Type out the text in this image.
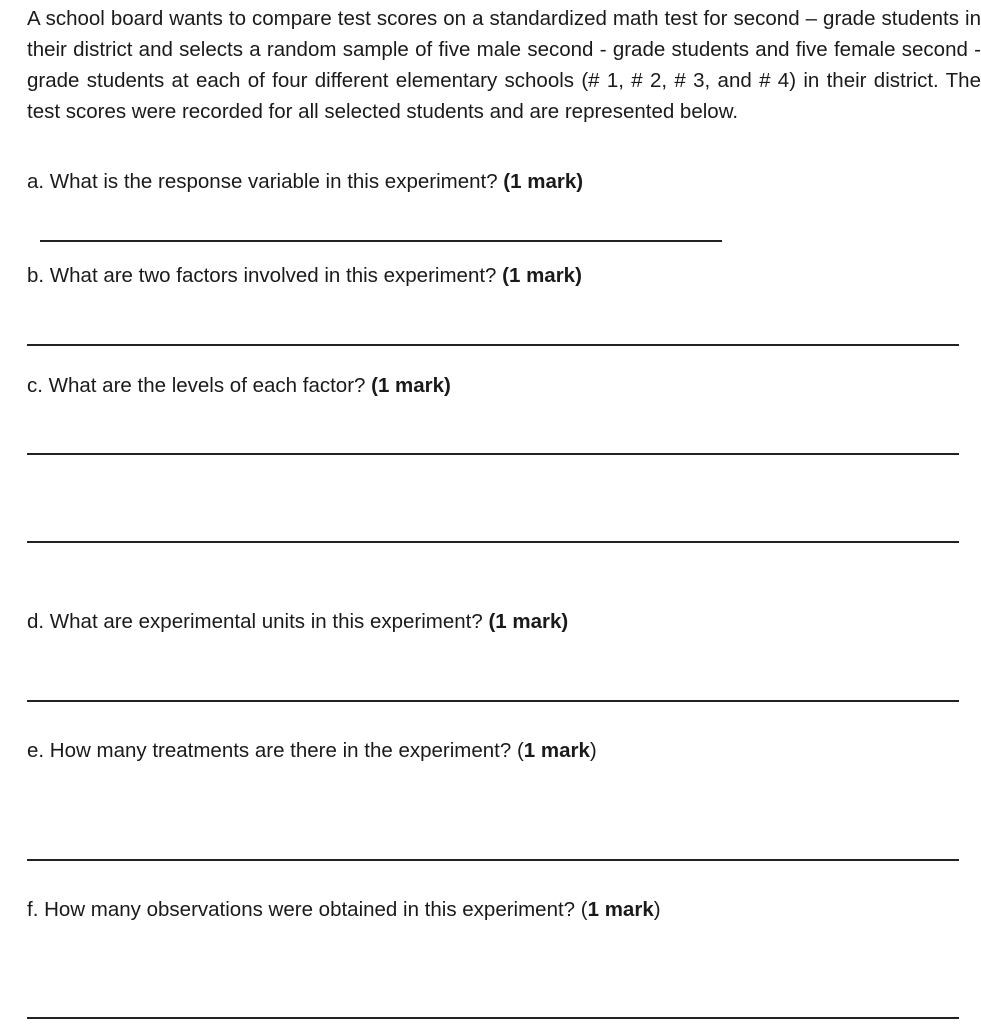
A school board wants to compare test scores on a standardized math test for second – grade students in their district and selects a random sample of five male second - grade students and five female second - grade students at each of four different elementary schools (# 1, # 2, # 3, and # 4) in their district. The test scores were recorded for all selected students and are represented below.

a. What is the response variable in this experiment? (1 mark)

b. What are two factors involved in this experiment? (1 mark)

c. What are the levels of each factor? (1 mark)

d. What are experimental units in this experiment? (1 mark)

e. How many treatments are there in the experiment? (1 mark)

f. How many observations were obtained in this experiment? (1 mark)
